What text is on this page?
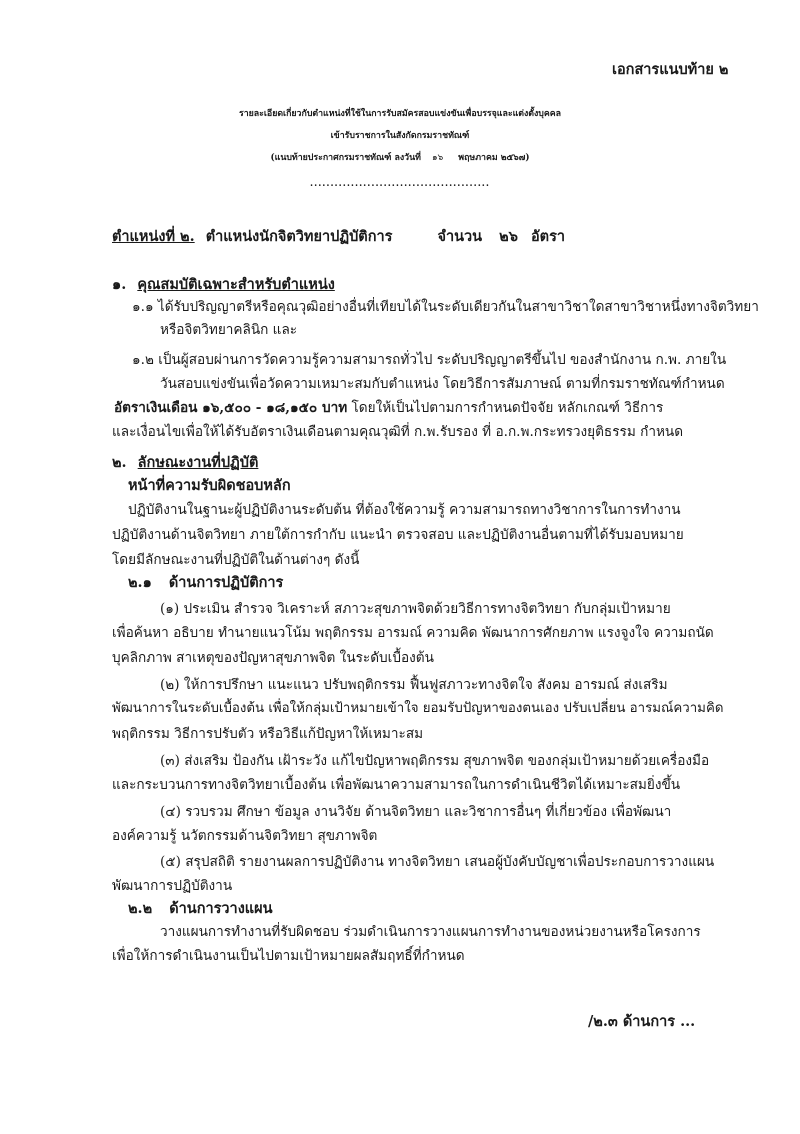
เอกสารแนบท้าย ๒
รายละเอียดเกี่ยวกับตำแหน่งที่ใช้ในการรับสมัครสอบแข่งขันเพื่อบรรจุและแต่งตั้งบุคคล
เข้ารับราชการในสังกัดกรมราชทัณฑ์
(แนบท้ายประกาศกรมราชทัณฑ์ ลงวันที่ ๑๖ พฤษภาคม ๒๕๖๗)
............................................
ตำแหน่งที่ ๒. ตำแหน่งนักจิตวิทยาปฏิบัติการ	จำนวน ๒๖ อัตรา
๑. คุณสมบัติเฉพาะสำหรับตำแหน่ง
๑.๑ ได้รับปริญญาตรีหรือคุณวุฒิอย่างอื่นที่เทียบได้ในระดับเดียวกันในสาขาวิชาใดสาขาวิชาหนึ่งทางจิตวิทยา
หรือจิตวิทยาคลินิก และ
๑.๒ เป็นผู้สอบผ่านการวัดความรู้ความสามารถทั่วไป ระดับปริญญาตรีขึ้นไป ของสำนักงาน ก.พ. ภายใน
วันสอบแข่งขันเพื่อวัดความเหมาะสมกับตำแหน่ง โดยวิธีการสัมภาษณ์ ตามที่กรมราชทัณฑ์กำหนด
อัตราเงินเดือน ๑๖,๕๐๐ - ๑๘,๑๕๐ บาท โดยให้เป็นไปตามการกำหนดปัจจัย หลักเกณฑ์ วิธีการ
และเงื่อนไขเพื่อให้ได้รับอัตราเงินเดือนตามคุณวุฒิที่ ก.พ.รับรอง ที่ อ.ก.พ.กระทรวงยุติธรรม กำหนด
๒. ลักษณะงานที่ปฏิบัติ
หน้าที่ความรับผิดชอบหลัก
ปฏิบัติงานในฐานะผู้ปฏิบัติงานระดับต้น ที่ต้องใช้ความรู้ ความสามารถทางวิชาการในการทำงาน
ปฏิบัติงานด้านจิตวิทยา ภายใต้การกำกับ แนะนำ ตรวจสอบ และปฏิบัติงานอื่นตามที่ได้รับมอบหมาย
โดยมีลักษณะงานที่ปฏิบัติในด้านต่างๆ ดังนี้
๒.๑ ด้านการปฏิบัติการ
(๑) ประเมิน สำรวจ วิเคราะห์ สภาวะสุขภาพจิตด้วยวิธีการทางจิตวิทยา กับกลุ่มเป้าหมาย
เพื่อค้นหา อธิบาย ทำนายแนวโน้ม พฤติกรรม อารมณ์ ความคิด พัฒนาการศักยภาพ แรงจูงใจ ความถนัด
บุคลิกภาพ สาเหตุของปัญหาสุขภาพจิต ในระดับเบื้องต้น
(๒) ให้การปรึกษา แนะแนว ปรับพฤติกรรม ฟื้นฟูสภาวะทางจิตใจ สังคม อารมณ์ ส่งเสริม
พัฒนาการในระดับเบื้องต้น เพื่อให้กลุ่มเป้าหมายเข้าใจ ยอมรับปัญหาของตนเอง ปรับเปลี่ยน อารมณ์ความคิด
พฤติกรรม วิธีการปรับตัว หรือวิธีแก้ปัญหาให้เหมาะสม
(๓) ส่งเสริม ป้องกัน เฝ้าระวัง แก้ไขปัญหาพฤติกรรม สุขภาพจิต ของกลุ่มเป้าหมายด้วยเครื่องมือ
และกระบวนการทางจิตวิทยาเบื้องต้น เพื่อพัฒนาความสามารถในการดำเนินชีวิตได้เหมาะสมยิ่งขึ้น
(๔) รวบรวม ศึกษา ข้อมูล งานวิจัย ด้านจิตวิทยา และวิชาการอื่นๆ ที่เกี่ยวข้อง เพื่อพัฒนา
องค์ความรู้ นวัตกรรมด้านจิตวิทยา สุขภาพจิต
(๕) สรุปสถิติ รายงานผลการปฏิบัติงาน ทางจิตวิทยา เสนอผู้บังคับบัญชาเพื่อประกอบการวางแผน
พัฒนาการปฏิบัติงาน
๒.๒ ด้านการวางแผน
วางแผนการทำงานที่รับผิดชอบ ร่วมดำเนินการวางแผนการทำงานของหน่วยงานหรือโครงการ
เพื่อให้การดำเนินงานเป็นไปตามเป้าหมายผลสัมฤทธิ์ที่กำหนด
/๒.๓ ด้านการ ...
